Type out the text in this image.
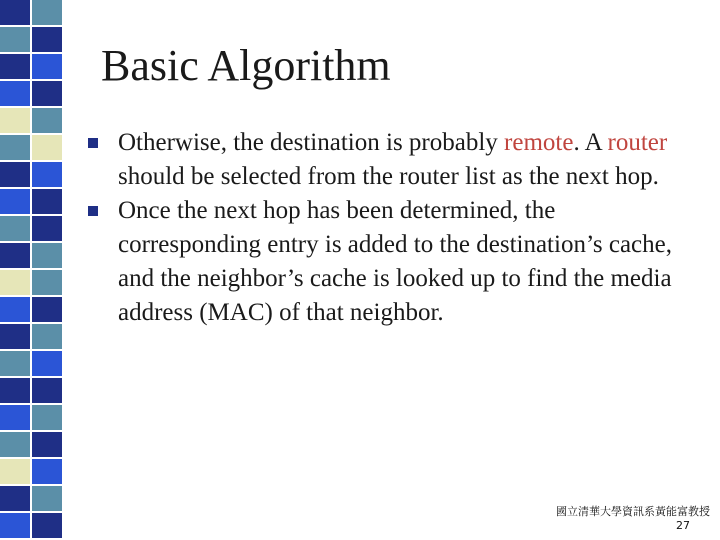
Basic Algorithm
Otherwise, the destination is probably remote. A router should be selected from the router list as the next hop.
Once the next hop has been determined, the corresponding entry is added to the destination’s cache, and the neighbor’s cache is looked up to find the media address (MAC) of that neighbor.
國立清華大學資訊系黃能富教授
27
